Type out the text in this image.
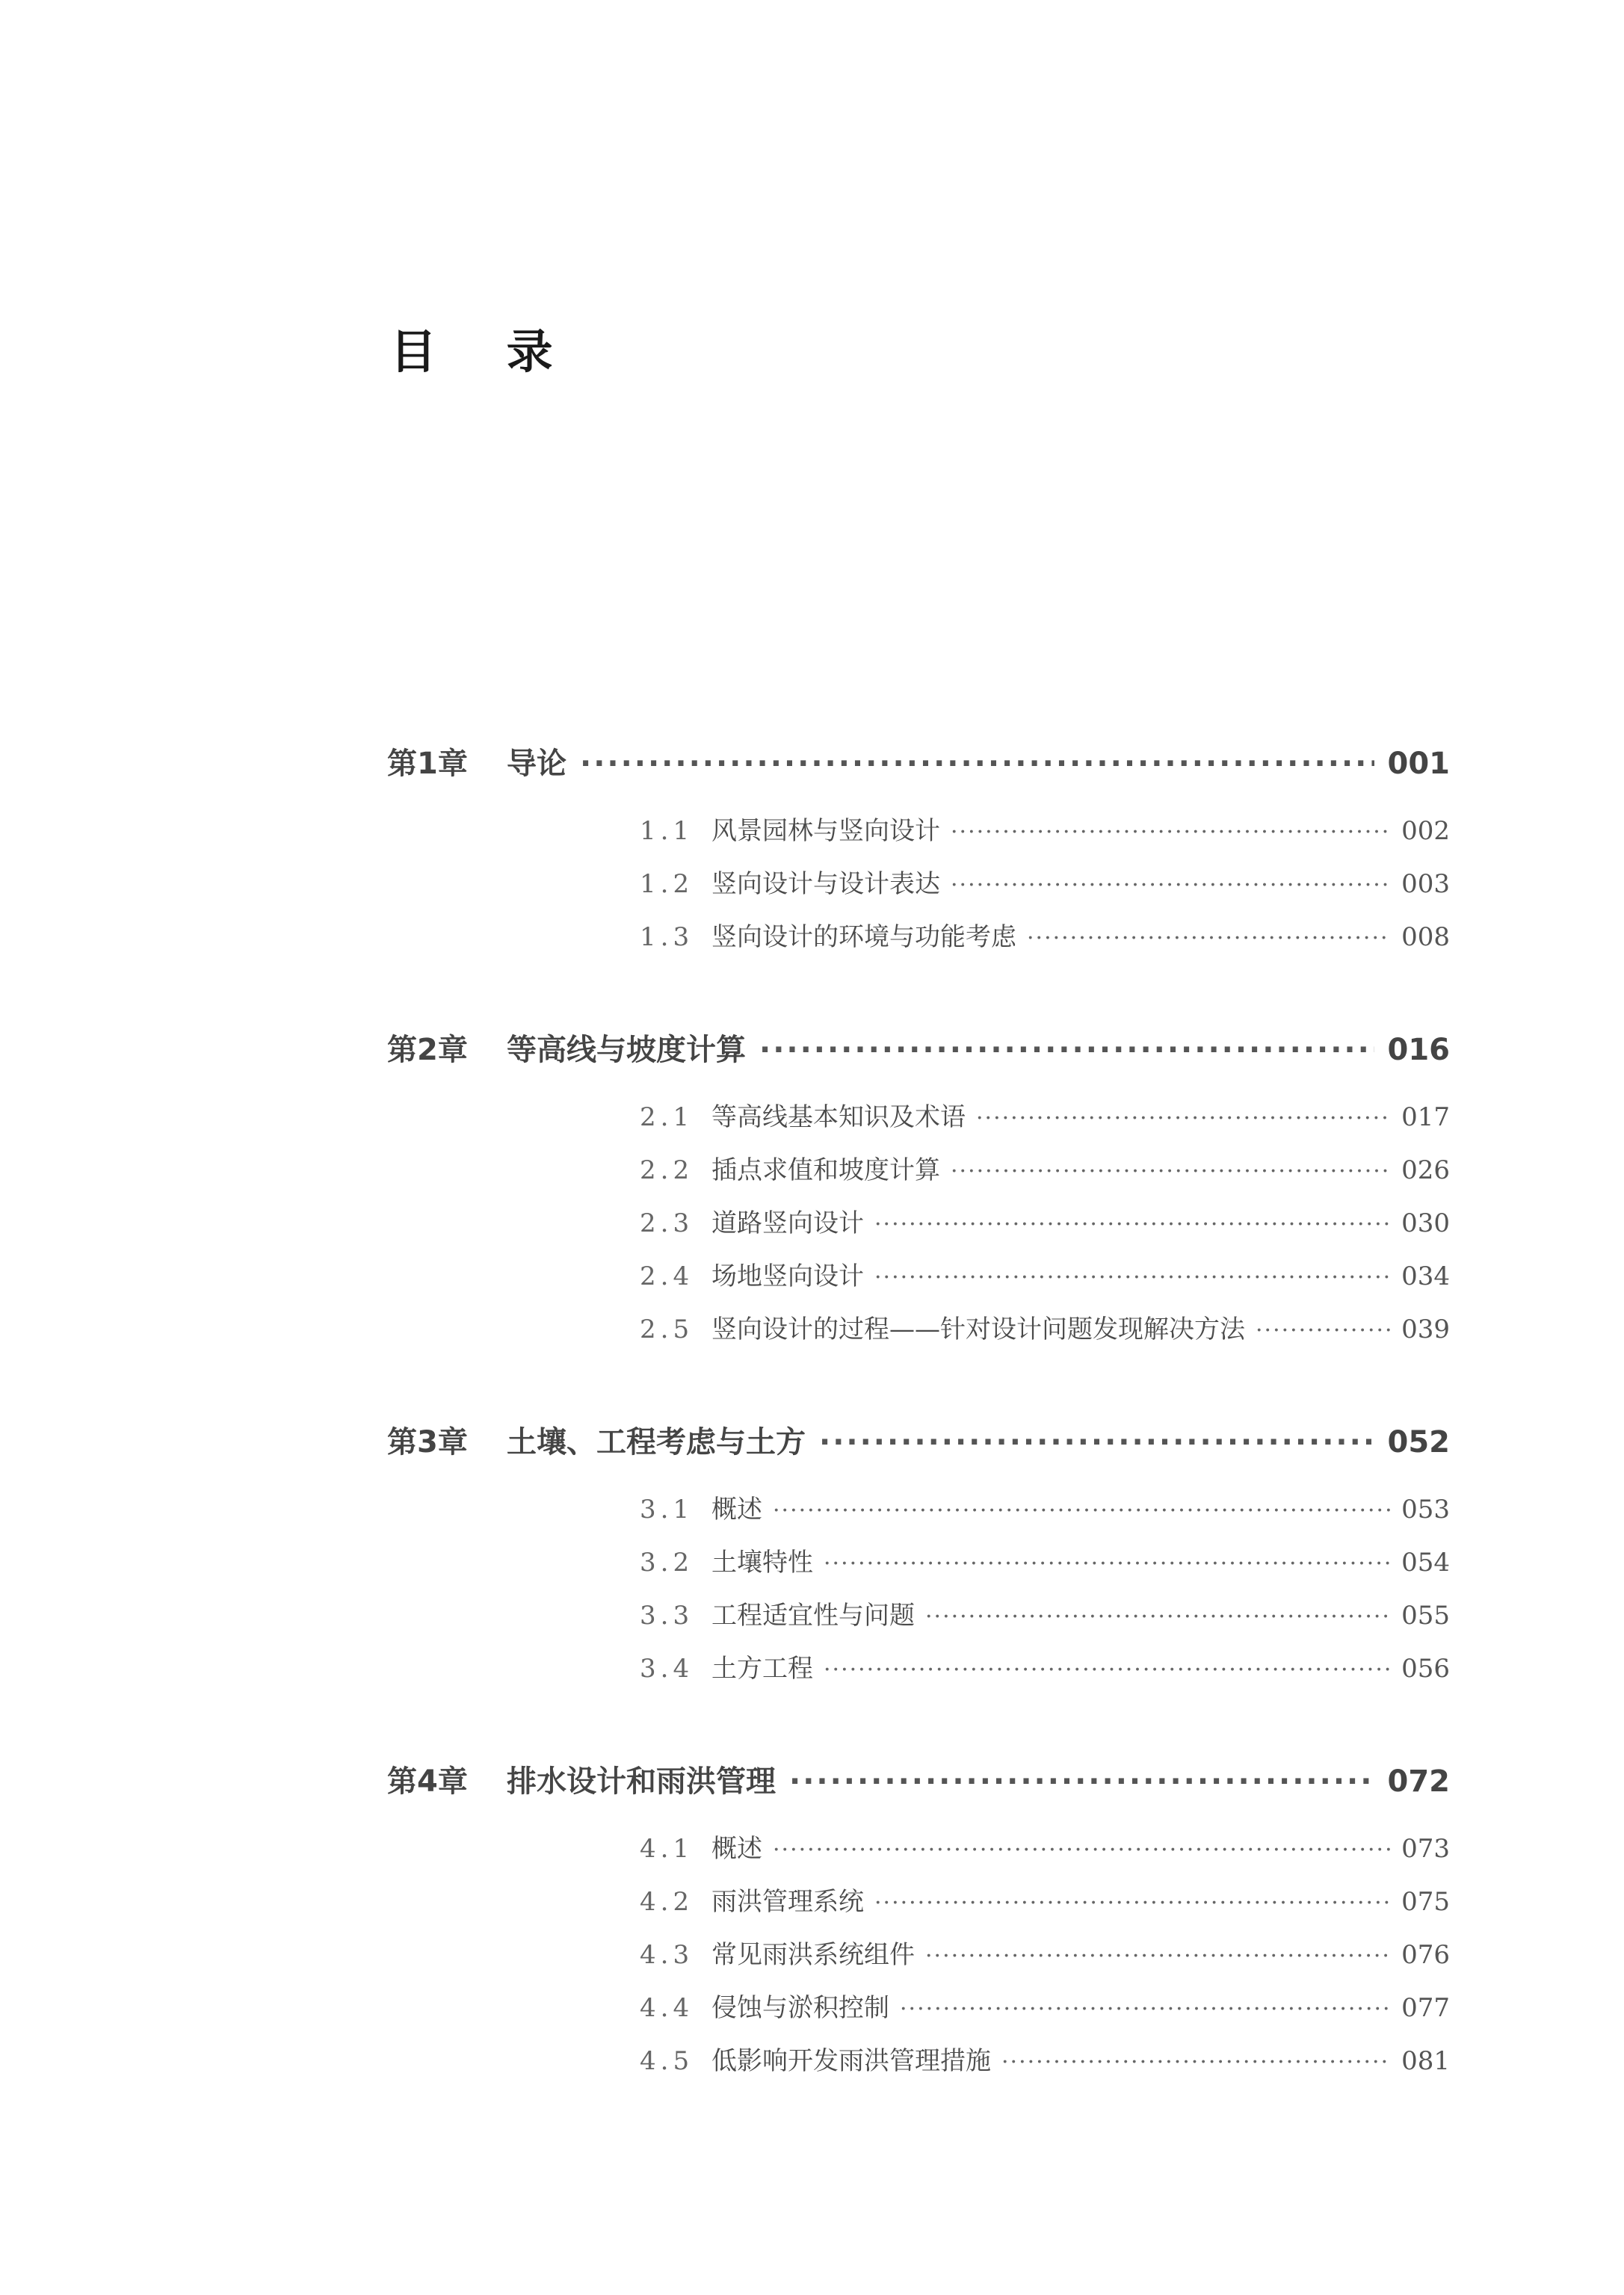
目 录
第1章	导论 ·····	001
1.1 风景园林与竖向设计 ·····	002
1.2 竖向设计与设计表达 ·····	003
1.3 竖向设计的环境与功能考虑 ·····	008
第2章	等高线与坡度计算 ·····	016
2.1 等高线基本知识及术语 ·····	017
2.2 插点求值和坡度计算 ·····	026
2.3 道路竖向设计 ·····	030
2.4 场地竖向设计 ·····	034
2.5 竖向设计的过程——针对设计问题发现解决方法 ·····	039
第3章	土壤、工程考虑与土方 ·····	052
3.1 概述 ·····	053
3.2 土壤特性 ·····	054
3.3 工程适宜性与问题 ·····	055
3.4 土方工程 ·····	056
第4章	排水设计和雨洪管理 ·····	072
4.1 概述 ·····	073
4.2 雨洪管理系统 ·····	075
4.3 常见雨洪系统组件 ·····	076
4.4 侵蚀与淤积控制 ·····	077
4.5 低影响开发雨洪管理措施 ·····	081
